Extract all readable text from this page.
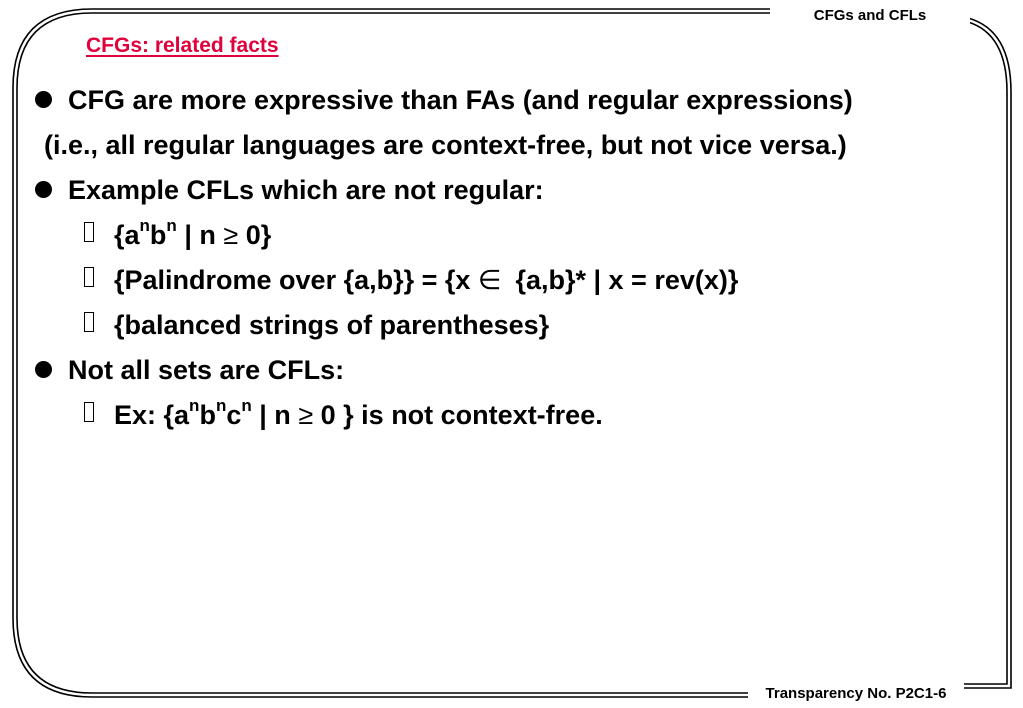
CFGs and CFLs

Transparency No. P2C1-6

CFGs: related facts
CFG are more expressive than FAs (and regular expressions)
(i.e., all regular languages are context-free, but not vice versa.)
Example CFLs which are not regular:
{$a^nb^n$ | n ≥ 0}
{Palindrome over {a,b}} = {x ∈ {a,b}* | x = rev(x)}
{balanced strings of parentheses}
Not all sets are CFLs:
Ex: {$a^nb^nc^n$ | n ≥ 0 } is not context-free.
